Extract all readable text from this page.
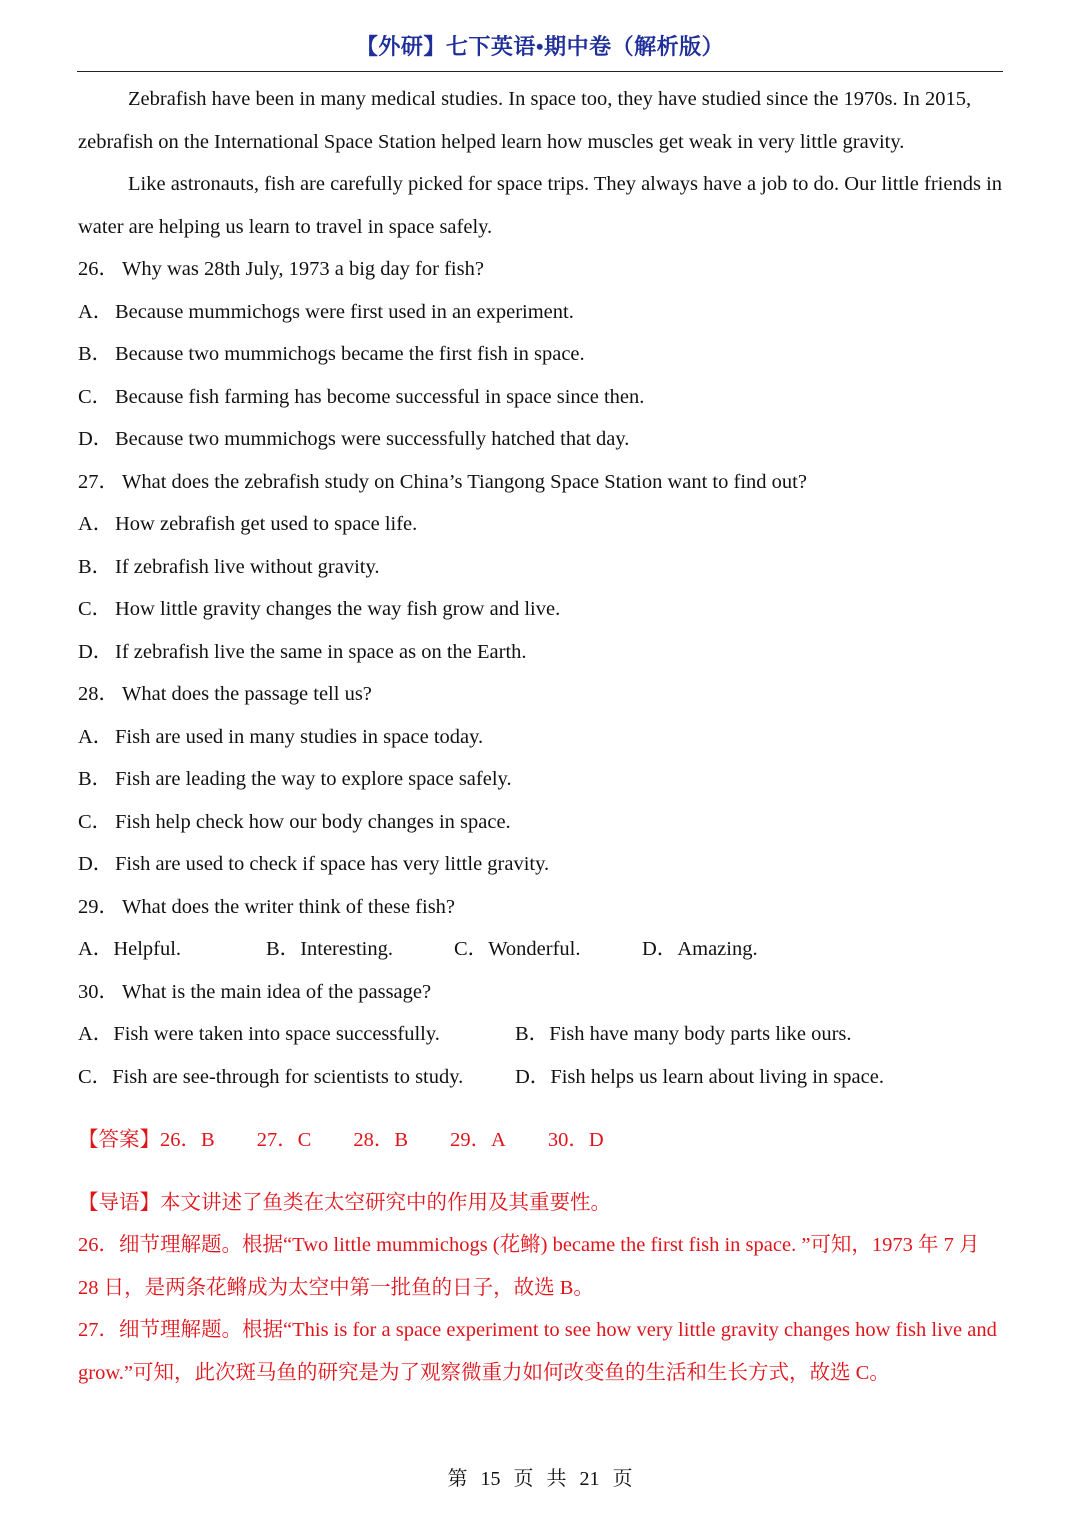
【外研】七下英语•期中卷（解析版）

Zebrafish have been in many medical studies. In space too, they have studied since the 1970s. In 2015, zebrafish on the International Space Station helped learn how muscles get weak in very little gravity.

Like astronauts, fish are carefully picked for space trips. They always have a job to do. Our little friends in water are helping us learn to travel in space safely.

26． Why was 28th July, 1973 a big day for fish?

A．Because mummichogs were first used in an experiment.

B． Because two mummichogs became the first fish in space.

C． Because fish farming has become successful in space since then.

D．Because two mummichogs were successfully hatched that day.

27． What does the zebrafish study on China’s Tiangong Space Station want to find out?

A．How zebrafish get used to space life.

B． If zebrafish live without gravity.

C． How little gravity changes the way fish grow and live.

D．If zebrafish live the same in space as on the Earth.

28． What does the passage tell us?

A．Fish are used in many studies in space today.

B． Fish are leading the way to explore space safely.

C． Fish help check how our body changes in space.

D．Fish are used to check if space has very little gravity.

29． What does the writer think of these fish?

A．Helpful.	B．Interesting.	C．Wonderful.	D．Amazing.

30． What is the main idea of the passage?

A．Fish were taken into space successfully.	B．Fish have many body parts like ours.
C．Fish are see-through for scientists to study.	D．Fish helps us learn about living in space.

【答案】26．B 27．C 28．B 29．A 30．D

【导语】本文讲述了鱼类在太空研究中的作用及其重要性。

26．细节理解题。根据“Two little mummichogs (花鳉) became the first fish in space. ”可知，1973 年 7 月 28 日，是两条花鳉成为太空中第一批鱼的日子，故选 B。

27．细节理解题。根据“This is for a space experiment to see how very little gravity changes how fish live and grow.”可知，此次斑马鱼的研究是为了观察微重力如何改变鱼的生活和生长方式，故选 C。

第 15 页 共 21 页
